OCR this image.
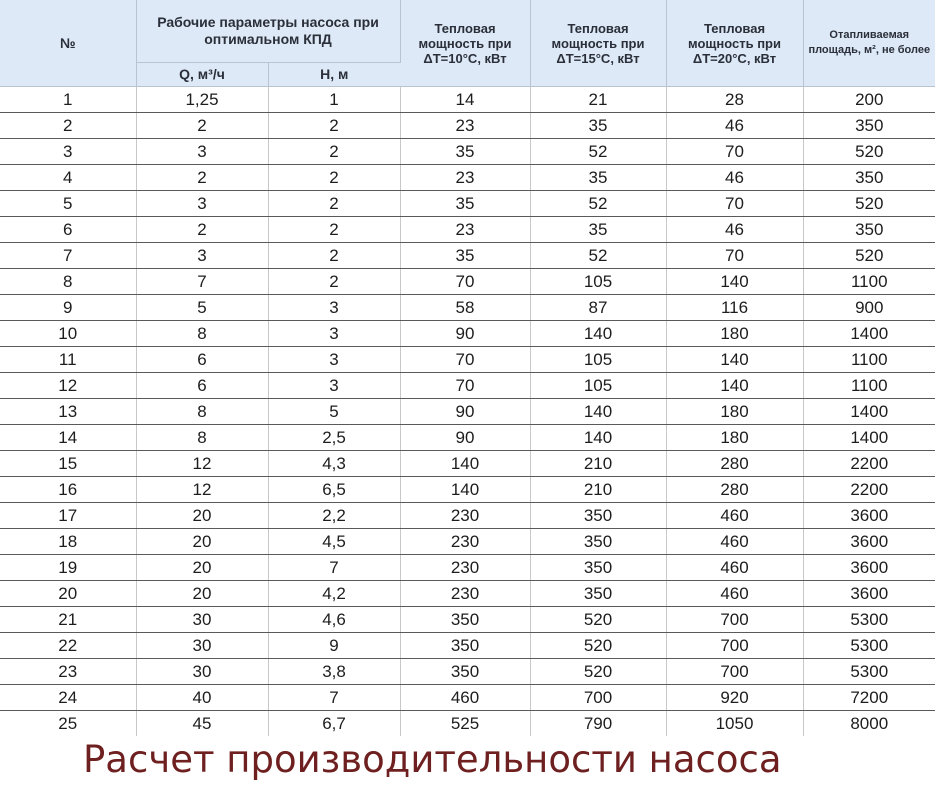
№	Рабочие параметры насоса при оптимальном КПД		Тепловая мощность при ΔT=10°С, кВт	Тепловая мощность при ΔT=15°С, кВт	Тепловая мощность при ΔT=20°С, кВт	Отапливаемая площадь, м², не более
	Q, м³/ч	Н, м				
1	1,25	1	14	21	28	200
2	2	2	23	35	46	350
3	3	2	35	52	70	520
4	2	2	23	35	46	350
5	3	2	35	52	70	520
6	2	2	23	35	46	350
7	3	2	35	52	70	520
8	7	2	70	105	140	1100
9	5	3	58	87	116	900
10	8	3	90	140	180	1400
11	6	3	70	105	140	1100
12	6	3	70	105	140	1100
13	8	5	90	140	180	1400
14	8	2,5	90	140	180	1400
15	12	4,3	140	210	280	2200
16	12	6,5	140	210	280	2200
17	20	2,2	230	350	460	3600
18	20	4,5	230	350	460	3600
19	20	7	230	350	460	3600
20	20	4,2	230	350	460	3600
21	30	4,6	350	520	700	5300
22	30	9	350	520	700	5300
23	30	3,8	350	520	700	5300
24	40	7	460	700	920	7200
25	45	6,7	525	790	1050	8000
Расчет производительности насоса
